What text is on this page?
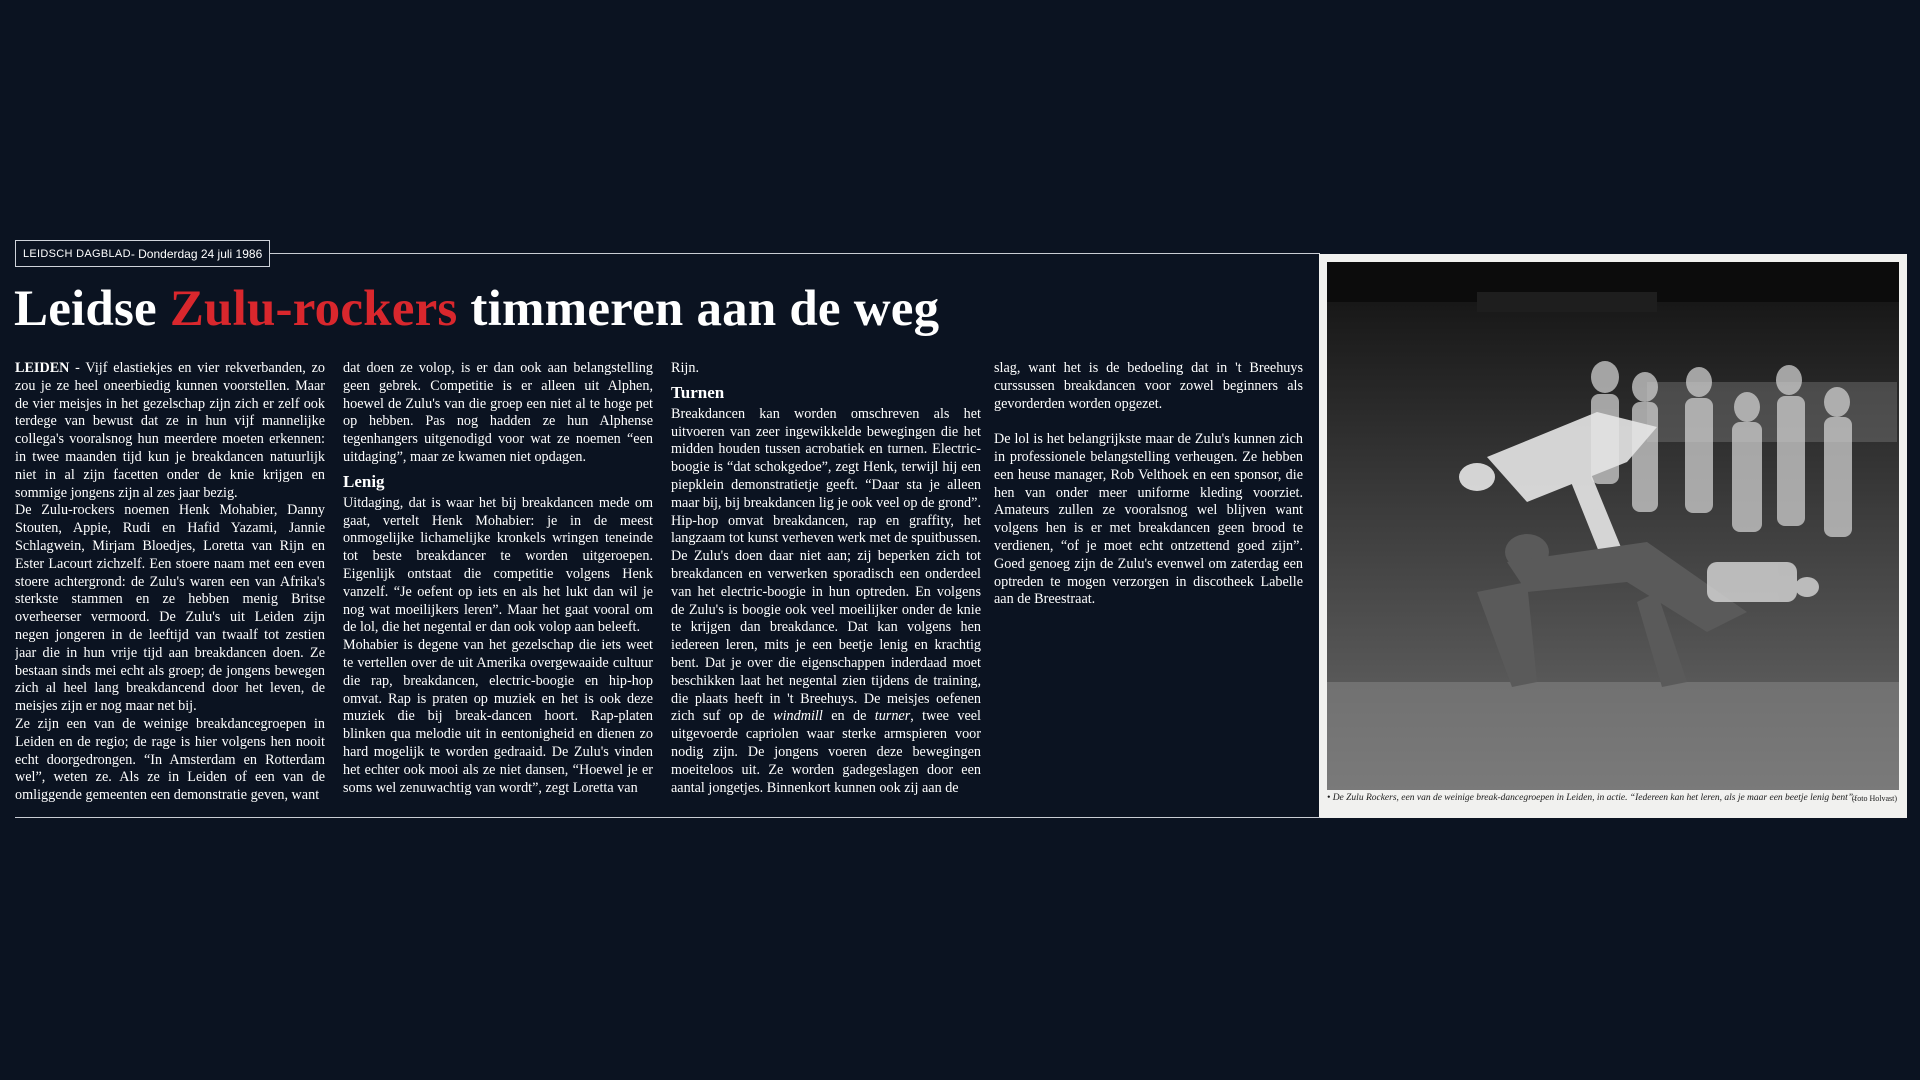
LEIDSCH DAGBLAD - Donderdag 24 juli 1986
Leidse Zulu-rockers timmeren aan de weg

LEIDEN - Vijf elastiekjes en vier rekverbanden, zo zou je ze heel oneerbiedig kunnen voorstellen. Maar de vier meisjes in het gezelschap zijn zich er zelf ook terdege van bewust dat ze in hun vijf mannelijke collega's vooralsnog hun meerdere moeten erkennen: in twee maanden tijd kun je breakdancen natuurlijk niet in al zijn facetten onder de knie krijgen en sommige jongens zijn al zes jaar bezig.

De Zulu-rockers noemen Henk Mohabier, Danny Stouten, Appie, Rudi en Hafid Yazami, Jannie Schlagwein, Mirjam Bloedjes, Loretta van Rijn en Ester Lacourt zichzelf. Een stoere naam met een even stoere achtergrond: de Zulu's waren een van Afrika's sterkste stammen en ze hebben menig Britse overheerser vermoord. De Zulu's uit Leiden zijn negen jongeren in de leeftijd van twaalf tot zestien jaar die in hun vrije tijd aan breakdancen doen. Ze bestaan sinds mei echt als groep; de jongens bewegen zich al heel lang breakdancend door het leven, de meisjes zijn er nog maar net bij.

Ze zijn een van de weinige breakdancegroepen in Leiden en de regio; de rage is hier volgens hen nooit echt doorgedrongen. “In Amsterdam en Rotterdam wel”, weten ze. Als ze in Leiden of een van de omliggende gemeenten een demonstratie geven, want

dat doen ze volop, is er dan ook aan belangstelling geen gebrek. Competitie is er alleen uit Alphen, hoewel de Zulu's van die groep een niet al te hoge pet op hebben. Pas nog hadden ze hun Alphense tegenhangers uitgenodigd voor wat ze noemen “een uitdaging”, maar ze kwamen niet opdagen.

Lenig

Uitdaging, dat is waar het bij breakdancen mede om gaat, vertelt Henk Mohabier: je in de meest onmogelijke lichamelijke kronkels wringen teneinde tot beste breakdancer te worden uitgeroepen. Eigenlijk ontstaat die competitie volgens Henk vanzelf. “Je oefent op iets en als het lukt dan wil je nog wat moeilijkers leren”. Maar het gaat vooral om de lol, die het negental er dan ook volop aan beleeft.

Mohabier is degene van het gezelschap die iets weet te vertellen over de uit Amerika overgewaaide cultuur die rap, breakdancen, electric-boogie en hip-hop omvat. Rap is praten op muziek en het is ook deze muziek die bij break-dancen hoort. Rap-platen blinken qua melodie uit in eentonigheid en dienen zo hard mogelijk te worden gedraaid. De Zulu's vinden het echter ook mooi als ze niet dansen, “Hoewel je er soms wel zenuwachtig van wordt”, zegt Loretta van

Rijn.

Turnen

Breakdancen kan worden omschreven als het uitvoeren van zeer ingewikkelde bewegingen die het midden houden tussen acrobatiek en turnen. Electric-boogie is “dat schokgedoe”, zegt Henk, terwijl hij een piepklein demonstratietje geeft. “Daar sta je alleen maar bij, bij breakdancen lig je ook veel op de grond”. Hip-hop omvat breakdancen, rap en graffity, het langzaam tot kunst verheven werk met de spuitbussen. De Zulu's doen daar niet aan; zij beperken zich tot breakdancen en verwerken sporadisch een onderdeel van het electric-boogie in hun optreden. En volgens de Zulu's is boogie ook veel moeilijker onder de knie te krijgen dan breakdance. Dat kan volgens hen iedereen leren, mits je een beetje lenig en krachtig bent. Dat je over die eigenschappen inderdaad moet beschikken laat het negental zien tijdens de training, die plaats heeft in 't Breehuys. De meisjes oefenen zich suf op de windmill en de turner, twee veel uitgevoerde capriolen waar sterke armspieren voor nodig zijn. De jongens voeren deze bewegingen moeiteloos uit. Ze worden gadegeslagen door een aantal jongetjes. Binnenkort kunnen ook zij aan de

slag, want het is de bedoeling dat in 't Breehuys curssussen breakdancen voor zowel beginners als gevorderden worden opgezet.

De lol is het belangrijkste maar de Zulu's kunnen zich in professionele belangstelling verheugen. Ze hebben een heuse manager, Rob Velthoek en een sponsor, die hen van onder meer uniforme kleding voorziet. Amateurs zullen ze vooralsnog wel blijven want volgens hen is er met breakdancen geen brood te verdienen, “of je moet echt ontzettend goed zijn”. Goed genoeg zijn de Zulu's evenwel om zaterdag een optreden te mogen verzorgen in discotheek Labelle aan de Breestraat.

• De Zulu Rockers, een van de weinige break-dancegroepen in Leiden, in actie. “Iedereen kan het leren, als je maar een beetje lenig bent”.
(foto Holvast)
